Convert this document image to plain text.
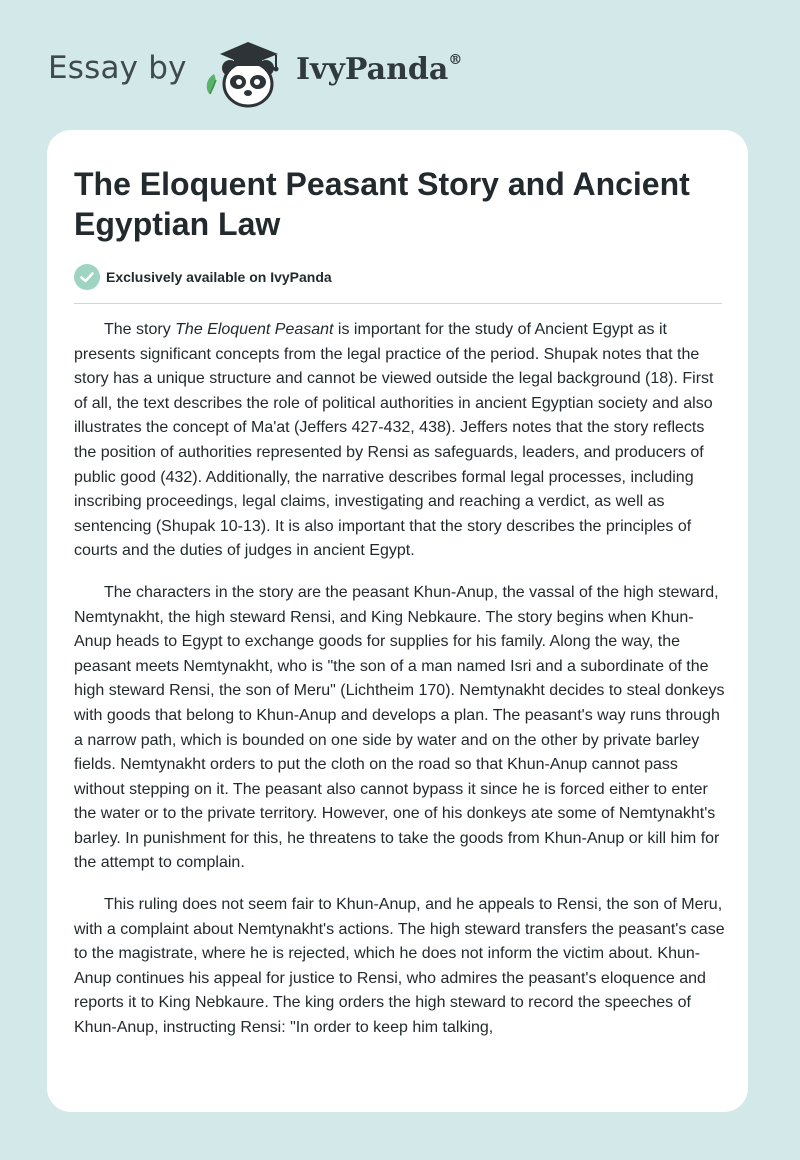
Essay by	IvyPanda®
The Eloquent Peasant Story and Ancient Egyptian Law
Exclusively available on IvyPanda

The story The Eloquent Peasant is important for the study of Ancient Egypt as it presents significant concepts from the legal practice of the period. Shupak notes that the story has a unique structure and cannot be viewed outside the legal background (18). First of all, the text describes the role of political authorities in ancient Egyptian society and also illustrates the concept of Ma'at (Jeffers 427-432, 438). Jeffers notes that the story reflects the position of authorities represented by Rensi as safeguards, leaders, and producers of public good (432). Additionally, the narrative describes formal legal processes, including inscribing proceedings, legal claims, investigating and reaching a verdict, as well as sentencing (Shupak 10-13). It is also important that the story describes the principles of courts and the duties of judges in ancient Egypt.

The characters in the story are the peasant Khun-Anup, the vassal of the high steward, Nemtynakht, the high steward Rensi, and King Nebkaure. The story begins when Khun-Anup heads to Egypt to exchange goods for supplies for his family. Along the way, the peasant meets Nemtynakht, who is "the son of a man named Isri and a subordinate of the high steward Rensi, the son of Meru" (Lichtheim 170). Nemtynakht decides to steal donkeys with goods that belong to Khun-Anup and develops a plan. The peasant's way runs through a narrow path, which is bounded on one side by water and on the other by private barley fields. Nemtynakht orders to put the cloth on the road so that Khun-Anup cannot pass without stepping on it. The peasant also cannot bypass it since he is forced either to enter the water or to the private territory. However, one of his donkeys ate some of Nemtynakht's barley. In punishment for this, he threatens to take the goods from Khun-Anup or kill him for the attempt to complain.

This ruling does not seem fair to Khun-Anup, and he appeals to Rensi, the son of Meru, with a complaint about Nemtynakht's actions. The high steward transfers the peasant's case to the magistrate, where he is rejected, which he does not inform the victim about. Khun-Anup continues his appeal for justice to Rensi, who admires the peasant's eloquence and reports it to King Nebkaure. The king orders the high steward to record the speeches of Khun-Anup, instructing Rensi: "In order to keep him talking,
